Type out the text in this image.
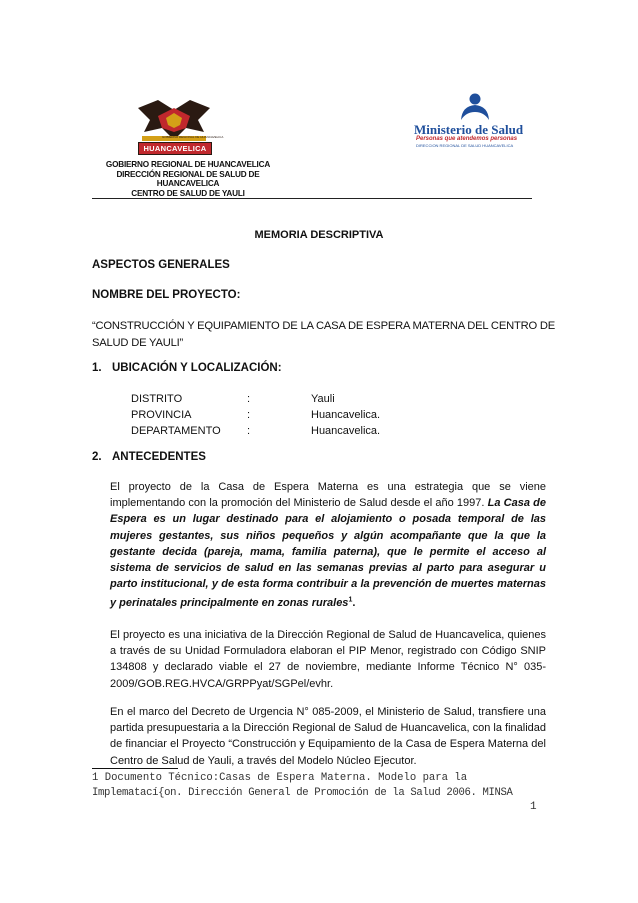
GOBIERNO REGIONAL DE HUANCAVELICA
HUANCAVELICA
GOBIERNO REGIONAL DE HUANCAVELICA
DIRECCIÓN REGIONAL DE SALUD DE HUANCAVELICA
CENTRO DE SALUD DE YAULI
Ministerio de Salud
Personas que atendemos personas
DIRECCION REGIONAL DE SALUD HUANCAVELICA
MEMORIA DESCRIPTIVA
ASPECTOS GENERALES
NOMBRE DEL PROYECTO:
“CONSTRUCCIÓN Y EQUIPAMIENTO DE LA CASA DE ESPERA MATERNA DEL CENTRO DE
SALUD DE YAULI”
1. UBICACIÓN Y LOCALIZACIÓN:
DISTRITO	:	Yauli
PROVINCIA	:	Huancavelica.
DEPARTAMENTO :	Huancavelica.
2. ANTECEDENTES
El proyecto de la Casa de Espera Materna es una estrategia que se viene implementando con la promoción del Ministerio de Salud desde el año 1997. La Casa de Espera es un lugar destinado para el alojamiento o posada temporal de las mujeres gestantes, sus niños pequeños y algún acompañante que la que la gestante decida (pareja, mama, familia paterna), que le permite el acceso al sistema de servicios de salud en las semanas previas al parto para asegurar u parto institucional, y de esta forma contribuir a la prevención de muertes maternas y perinatales principalmente en zonas rurales$^1$.
El proyecto es una iniciativa de la Dirección Regional de Salud de Huancavelica, quienes a través de su Unidad Formuladora elaboran el PIP Menor, registrado con Código SNIP 134808 y declarado viable el 27 de noviembre, mediante Informe Técnico N° 035-2009/GOB.REG.HVCA/GRPPyat/SGPel/evhr.
En el marco del Decreto de Urgencia N° 085-2009, el Ministerio de Salud, transfiere una partida presupuestaria a la Dirección Regional de Salud de Huancavelica, con la finalidad de financiar el Proyecto “Construcción y Equipamiento de la Casa de Espera Materna del Centro de Salud de Yauli, a través del Modelo Núcleo Ejecutor.
1 Documento Técnico:Casas de Espera Materna. Modelo para la
Implematací{on. Dirección General de Promoción de la Salud 2006. MINSA
1
